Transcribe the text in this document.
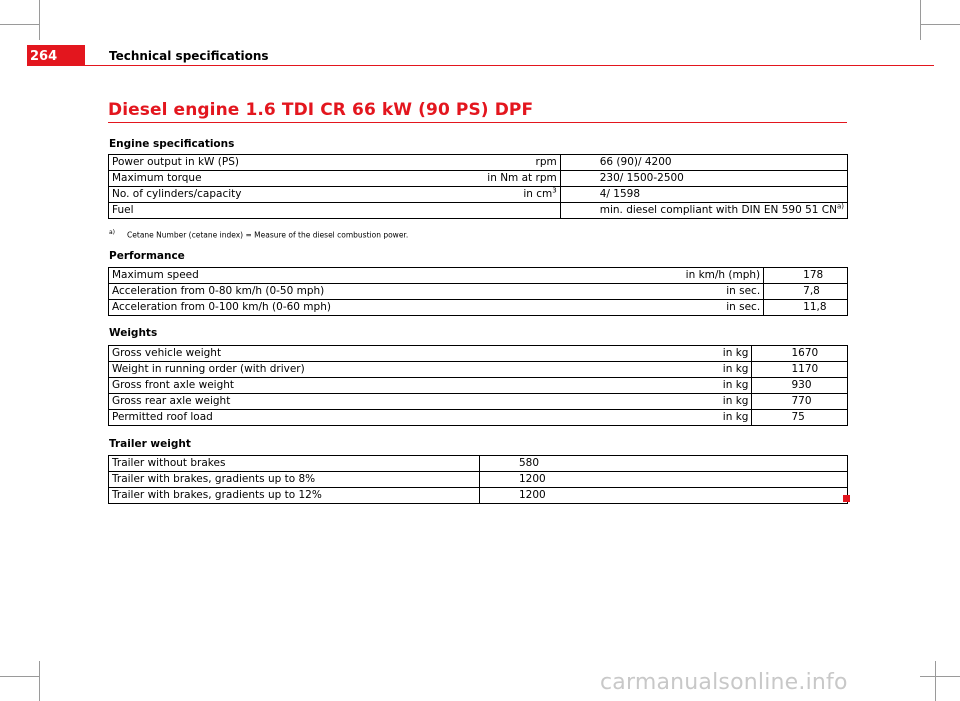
264	Technical specifications
Diesel engine 1.6 TDI CR 66 kW (90 PS) DPF
Engine specifications
Power output in kW (PS)	rpm	66 (90)/ 4200
Maximum torque	in Nm at rpm	230/ 1500-2500
No. of cylinders/capacity	in $cm^3$	4/ 1598
Fuel		min. diesel compliant with DIN EN 590 51 CN$^{a)}$
$^{a)}$ Cetane Number (cetane index) = Measure of the diesel combustion power.
Performance
Maximum speed	in km/h (mph)	178
Acceleration from 0-80 km/h (0-50 mph)	in sec.	7,8
Acceleration from 0-100 km/h (0-60 mph)	in sec.	11,8
Weights
Gross vehicle weight	in kg	1670
Weight in running order (with driver)	in kg	1170
Gross front axle weight	in kg	930
Gross rear axle weight	in kg	770
Permitted roof load	in kg	75
Trailer weight
Trailer without brakes	580
Trailer with brakes, gradients up to 8%	1200
Trailer with brakes, gradients up to 12%	1200
carmanualsonline.info
